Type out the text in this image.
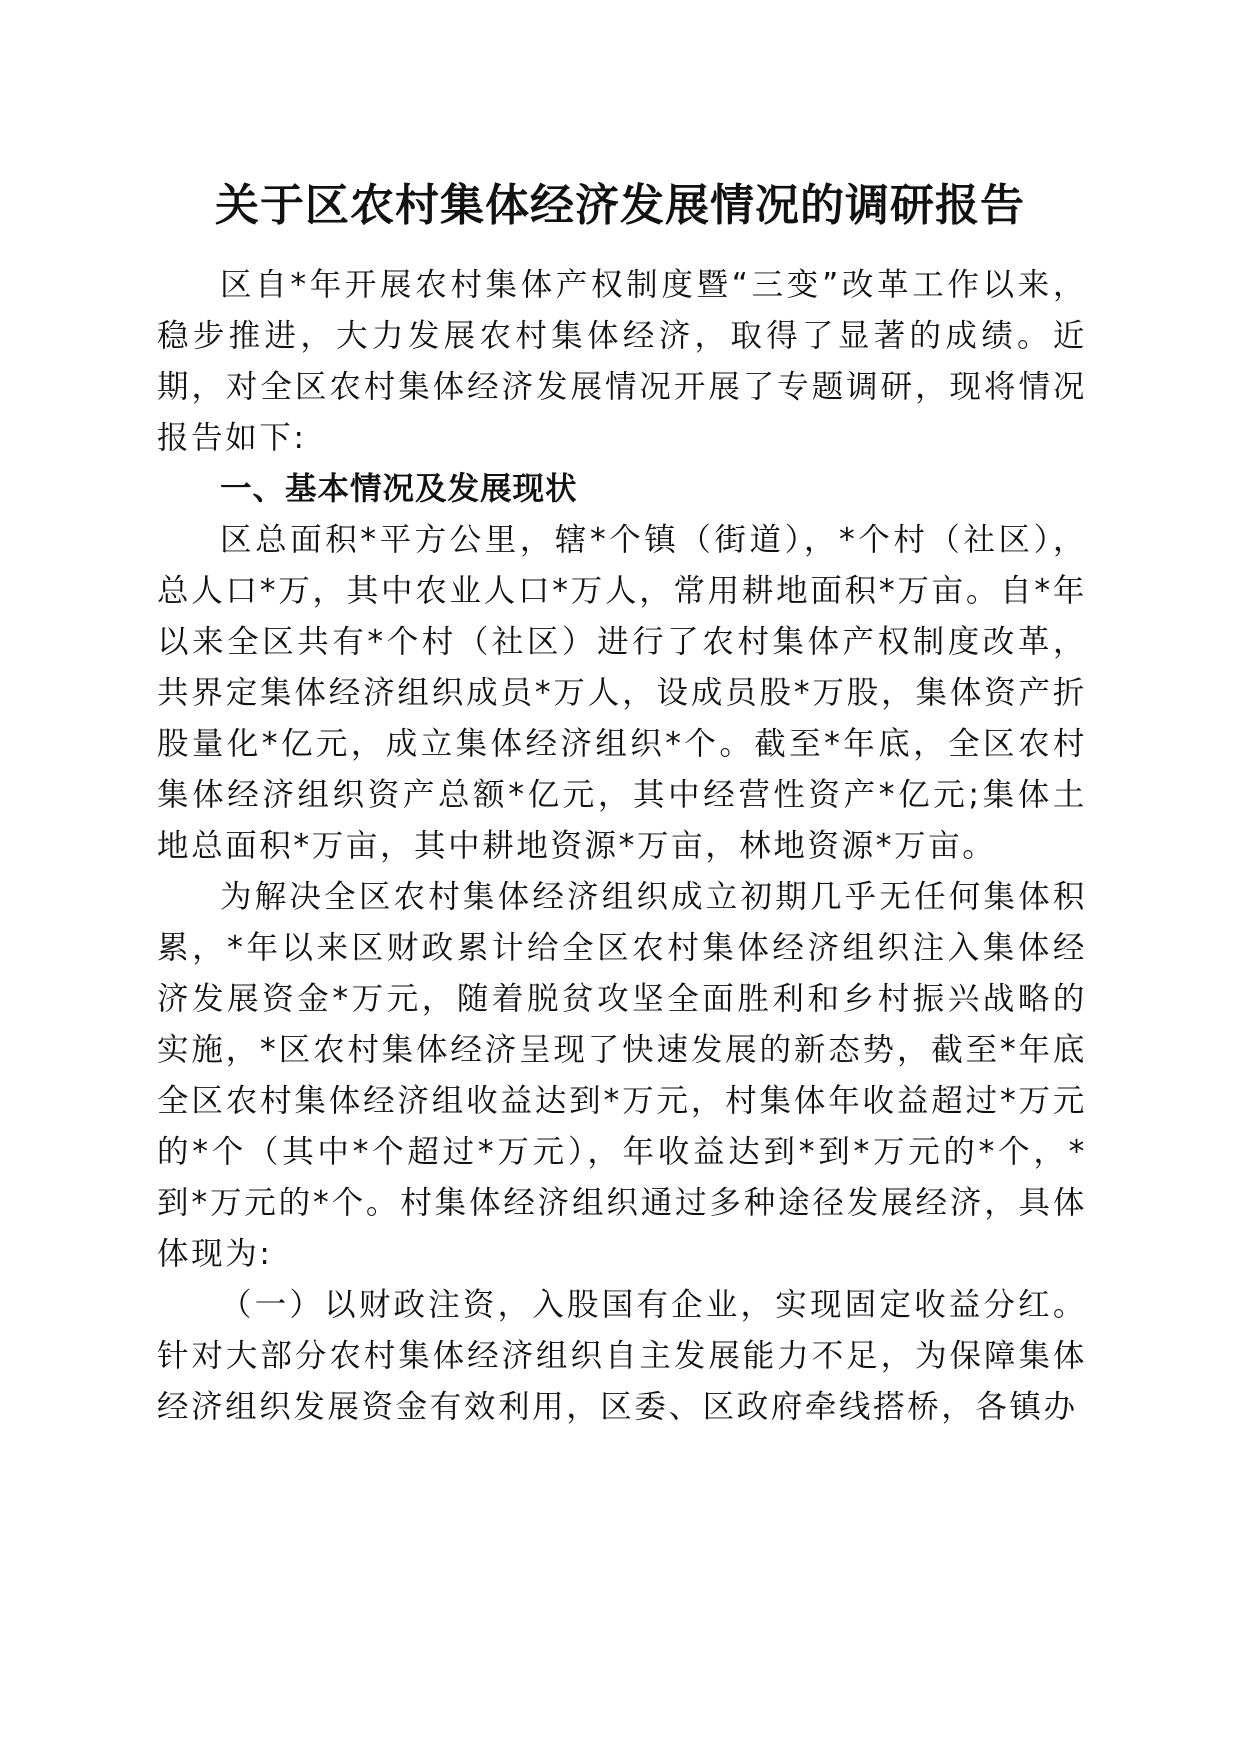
关于区农村集体经济发展情况的调研报告

区自*年开展农村集体产权制度暨“三变”改革工作以来，稳步推进，大力发展农村集体经济，取得了显著的成绩。近期，对全区农村集体经济发展情况开展了专题调研，现将情况报告如下:

一、基本情况及发展现状

区总面积*平方公里，辖*个镇（街道），*个村（社区），总人口*万，其中农业人口*万人，常用耕地面积*万亩。自*年以来全区共有*个村（社区）进行了农村集体产权制度改革，共界定集体经济组织成员*万人，设成员股*万股，集体资产折股量化*亿元，成立集体经济组织*个。截至*年底，全区农村集体经济组织资产总额*亿元，其中经营性资产*亿元;集体土地总面积*万亩，其中耕地资源*万亩，林地资源*万亩。

为解决全区农村集体经济组织成立初期几乎无任何集体积累，*年以来区财政累计给全区农村集体经济组织注入集体经济发展资金*万元，随着脱贫攻坚全面胜利和乡村振兴战略的实施，*区农村集体经济呈现了快速发展的新态势，截至*年底全区农村集体经济组收益达到*万元，村集体年收益超过*万元的*个（其中*个超过*万元），年收益达到*到*万元的*个，*到*万元的*个。村集体经济组织通过多种途径发展经济，具体体现为:

（一）以财政注资，入股国有企业，实现固定收益分红。针对大部分农村集体经济组织自主发展能力不足，为保障集体经济组织发展资金有效利用，区委、区政府牵线搭桥，各镇办
